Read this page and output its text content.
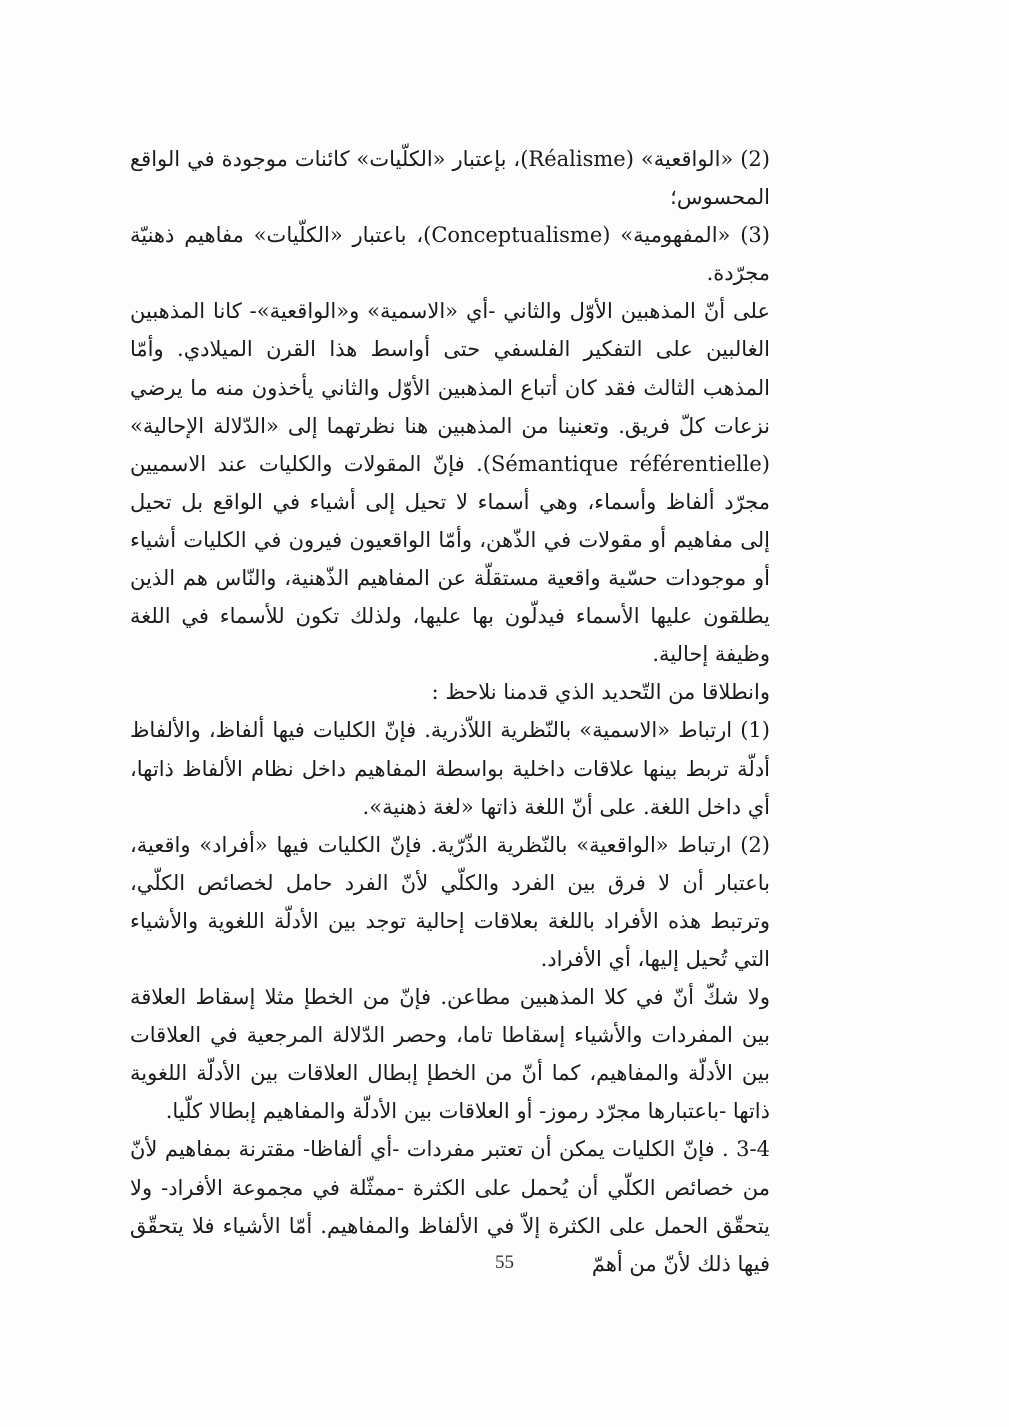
(2) «الواقعية» (Réalisme)، بإعتبار «الكلّيات» كائنات موجودة في الواقع المحسوس؛

(3) «المفهومية» (Conceptualisme)، باعتبار «الكلّيات» مفاهيم ذهنيّة مجرّدة.

على أنّ المذهبين الأوّل والثاني -أي «الاسمية» و«الواقعية»- كانا المذهبين الغالبين على التفكير الفلسفي حتى أواسط هذا القرن الميلادي. وأمّا المذهب الثالث فقد كان أتباع المذهبين الأوّل والثاني يأخذون منه ما يرضي نزعات كلّ فريق. وتعنينا من المذهبين هنا نظرتهما إلى «الدّلالة الإحالية» (Sémantique référentielle). فإنّ المقولات والكليات عند الاسميين مجرّد ألفاظ وأسماء، وهي أسماء لا تحيل إلى أشياء في الواقع بل تحيل إلى مفاهيم أو مقولات في الذّهن، وأمّا الواقعيون فيرون في الكليات أشياء أو موجودات حسّية واقعية مستقلّة عن المفاهيم الذّهنية، والنّاس هم الذين يطلقون عليها الأسماء فيدلّون بها عليها، ولذلك تكون للأسماء في اللغة وظيفة إحالية.

وانطلاقا من التّحديد الذي قدمنا نلاحظ :

(1) ارتباط «الاسمية» بالنّظرية اللاّذرية. فإنّ الكليات فيها ألفاظ، والألفاظ أدلّة تربط بينها علاقات داخلية بواسطة المفاهيم داخل نظام الألفاظ ذاتها، أي داخل اللغة. على أنّ اللغة ذاتها «لغة ذهنية».

(2) ارتباط «الواقعية» بالنّظرية الذّرّية. فإنّ الكليات فيها «أفراد» واقعية، باعتبار أن لا فرق بين الفرد والكلّي لأنّ الفرد حامل لخصائص الكلّي، وترتبط هذه الأفراد باللغة بعلاقات إحالية توجد بين الأدلّة اللغوية والأشياء التي تُحيل إليها، أي الأفراد.

ولا شكّ أنّ في كلا المذهبين مطاعن. فإنّ من الخطإ مثلا إسقاط العلاقة بين المفردات والأشياء إسقاطا تاما، وحصر الدّلالة المرجعية في العلاقات بين الأدلّة والمفاهيم، كما أنّ من الخطإ إبطال العلاقات بين الأدلّة اللغوية ذاتها -باعتبارها مجرّد رموز- أو العلاقات بين الأدلّة والمفاهيم إبطالا كلّيا.

3-4 . فإنّ الكليات يمكن أن تعتبر مفردات -أي ألفاظا- مقترنة بمفاهيم لأنّ من خصائص الكلّي أن يُحمل على الكثرة -ممثّلة في مجموعة الأفراد- ولا يتحقّق الحمل على الكثرة إلاّ في الألفاظ والمفاهيم. أمّا الأشياء فلا يتحقّق فيها ذلك لأنّ من أهمّ

55
